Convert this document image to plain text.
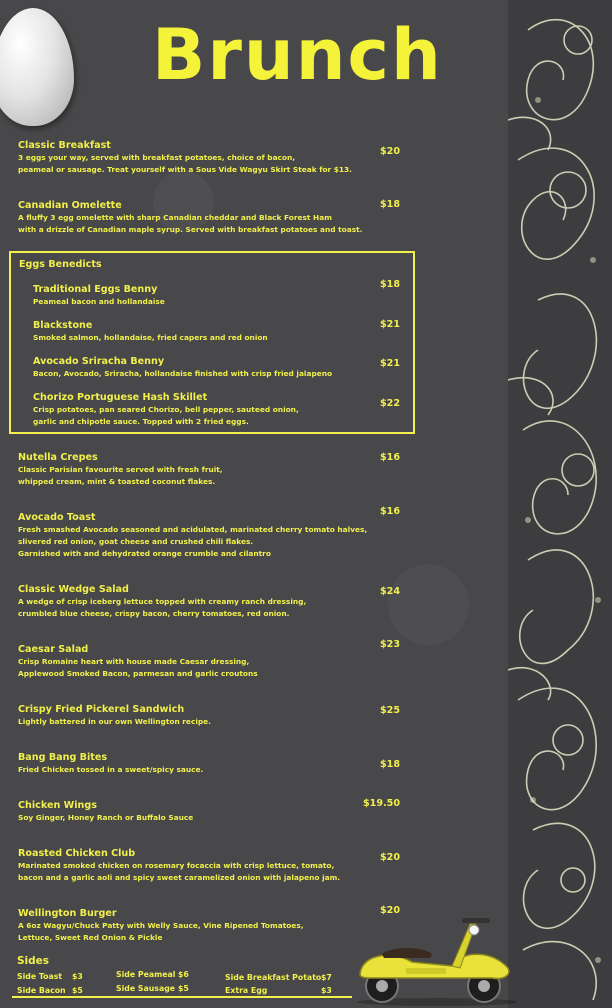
Brunch
Classic Breakfast
3 eggs your way, served with breakfast potatoes, choice of bacon,
peameal or sausage. Treat yourself with a Sous Vide Wagyu Skirt Steak for $13.
$20
Canadian Omelette
A fluffy 3 egg omelette with sharp Canadian cheddar and Black Forest Ham
with a drizzle of Canadian maple syrup. Served with breakfast potatoes and toast.
$18
Eggs Benedicts
Traditional Eggs Benny
Peameal bacon and hollandaise
$18
Blackstone
Smoked salmon, hollandaise, fried capers and red onion
$21
Avocado Sriracha Benny
Bacon, Avocado, Sriracha, hollandaise finished with crisp fried jalapeno
$21
Chorizo Portuguese Hash Skillet
Crisp potatoes, pan seared Chorizo, bell pepper, sauteed onion,
garlic and chipotle sauce. Topped with 2 fried eggs.
$22
Nutella Crepes
Classic Parisian favourite served with fresh fruit,
whipped cream, mint & toasted coconut flakes.
$16
Avocado Toast
Fresh smashed Avocado seasoned and acidulated, marinated cherry tomato halves,
slivered red onion, goat cheese and crushed chili flakes.
Garnished with and dehydrated orange crumble and cilantro
$16
Classic Wedge Salad
A wedge of crisp iceberg lettuce topped with creamy ranch dressing,
crumbled blue cheese, crispy bacon, cherry tomatoes, red onion.
$24
Caesar Salad
Crisp Romaine heart with house made Caesar dressing,
Applewood Smoked Bacon, parmesan and garlic croutons
$23
Crispy Fried Pickerel Sandwich
Lightly battered in our own Wellington recipe.
$25
Bang Bang Bites
Fried Chicken tossed in a sweet/spicy sauce.	$18
Chicken Wings
Soy Ginger, Honey Ranch or Buffalo Sauce
$19.50
Roasted Chicken Club
Marinated smoked chicken on rosemary focaccia with crisp lettuce, tomato,
bacon and a garlic aoli and spicy sweet caramelized onion with jalapeno jam.
$20
Wellington Burger
A 6oz Wagyu/Chuck Patty with Welly Sauce, Vine Ripened Tomatoes,
Lettuce, Sweet Red Onion & Pickle
$20
Sides
Side Toast $3
Side Bacon $5
Side Peameal $6
Side Sausage $5
Side Breakfast Potato $7
Extra Egg	$3
